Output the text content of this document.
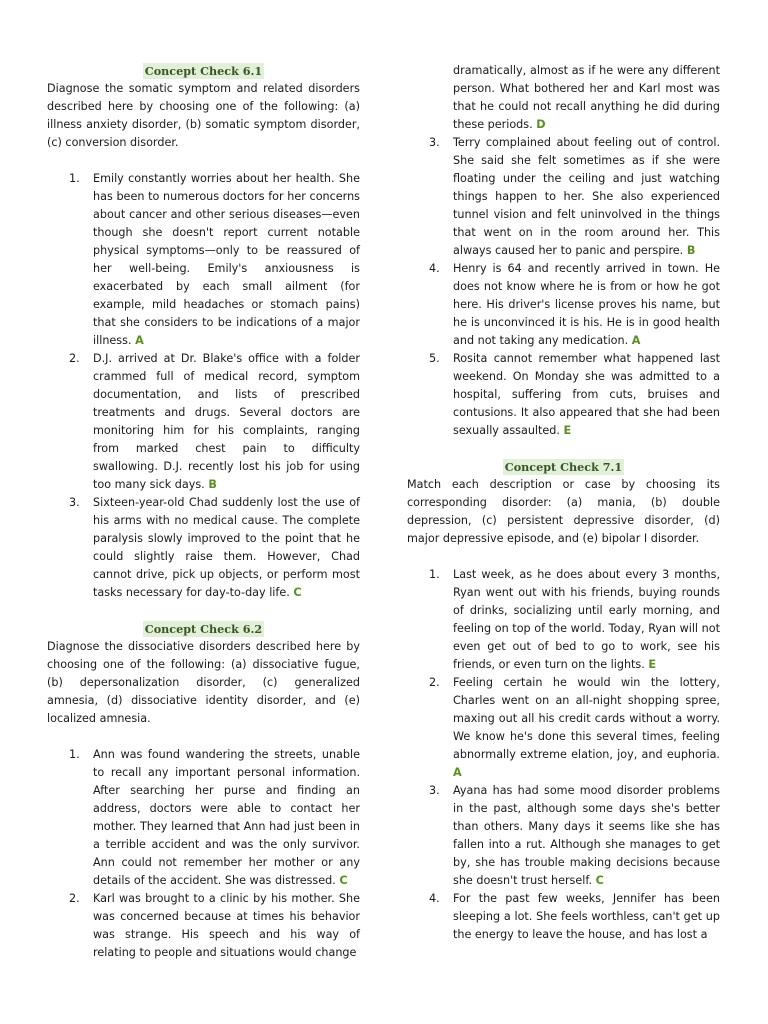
Concept Check 6.1

Diagnose the somatic symptom and related disorders described here by choosing one of the following: (a) illness anxiety disorder, (b) somatic symptom disorder, (c) conversion disorder.

1. Emily constantly worries about her health. She has been to numerous doctors for her concerns about cancer and other serious diseases—even though she doesn't report current notable physical symptoms—only to be reassured of her well-being. Emily's anxiousness is exacerbated by each small ailment (for example, mild headaches or stomach pains) that she considers to be indications of a major illness. A
2. D.J. arrived at Dr. Blake's office with a folder crammed full of medical record, symptom documentation, and lists of prescribed treatments and drugs. Several doctors are monitoring him for his complaints, ranging from marked chest pain to difficulty swallowing. D.J. recently lost his job for using too many sick days. B
3. Sixteen-year-old Chad suddenly lost the use of his arms with no medical cause. The complete paralysis slowly improved to the point that he could slightly raise them. However, Chad cannot drive, pick up objects, or perform most tasks necessary for day-to-day life. C
Concept Check 6.2

Diagnose the dissociative disorders described here by choosing one of the following: (a) dissociative fugue, (b) depersonalization disorder, (c) generalized amnesia, (d) dissociative identity disorder, and (e) localized amnesia.

1. Ann was found wandering the streets, unable to recall any important personal information. After searching her purse and finding an address, doctors were able to contact her mother. They learned that Ann had just been in a terrible accident and was the only survivor. Ann could not remember her mother or any details of the accident. She was distressed. C
2. Karl was brought to a clinic by his mother. She was concerned because at times his behavior was strange. His speech and his way of relating to people and situations would change
dramatically, almost as if he were any different person. What bothered her and Karl most was that he could not recall anything he did during these periods. D
3. Terry complained about feeling out of control. She said she felt sometimes as if she were floating under the ceiling and just watching things happen to her. She also experienced tunnel vision and felt uninvolved in the things that went on in the room around her. This always caused her to panic and perspire. B
4. Henry is 64 and recently arrived in town. He does not know where he is from or how he got here. His driver's license proves his name, but he is unconvinced it is his. He is in good health and not taking any medication. A
5. Rosita cannot remember what happened last weekend. On Monday she was admitted to a hospital, suffering from cuts, bruises and contusions. It also appeared that she had been sexually assaulted. E
Concept Check 7.1

Match each description or case by choosing its corresponding disorder: (a) mania, (b) double depression, (c) persistent depressive disorder, (d) major depressive episode, and (e) bipolar I disorder.

1. Last week, as he does about every 3 months, Ryan went out with his friends, buying rounds of drinks, socializing until early morning, and feeling on top of the world. Today, Ryan will not even get out of bed to go to work, see his friends, or even turn on the lights. E
2. Feeling certain he would win the lottery, Charles went on an all-night shopping spree, maxing out all his credit cards without a worry. We know he's done this several times, feeling abnormally extreme elation, joy, and euphoria. A
3. Ayana has had some mood disorder problems in the past, although some days she's better than others. Many days it seems like she has fallen into a rut. Although she manages to get by, she has trouble making decisions because she doesn't trust herself. C
4. For the past few weeks, Jennifer has been sleeping a lot. She feels worthless, can't get up the energy to leave the house, and has lost a
